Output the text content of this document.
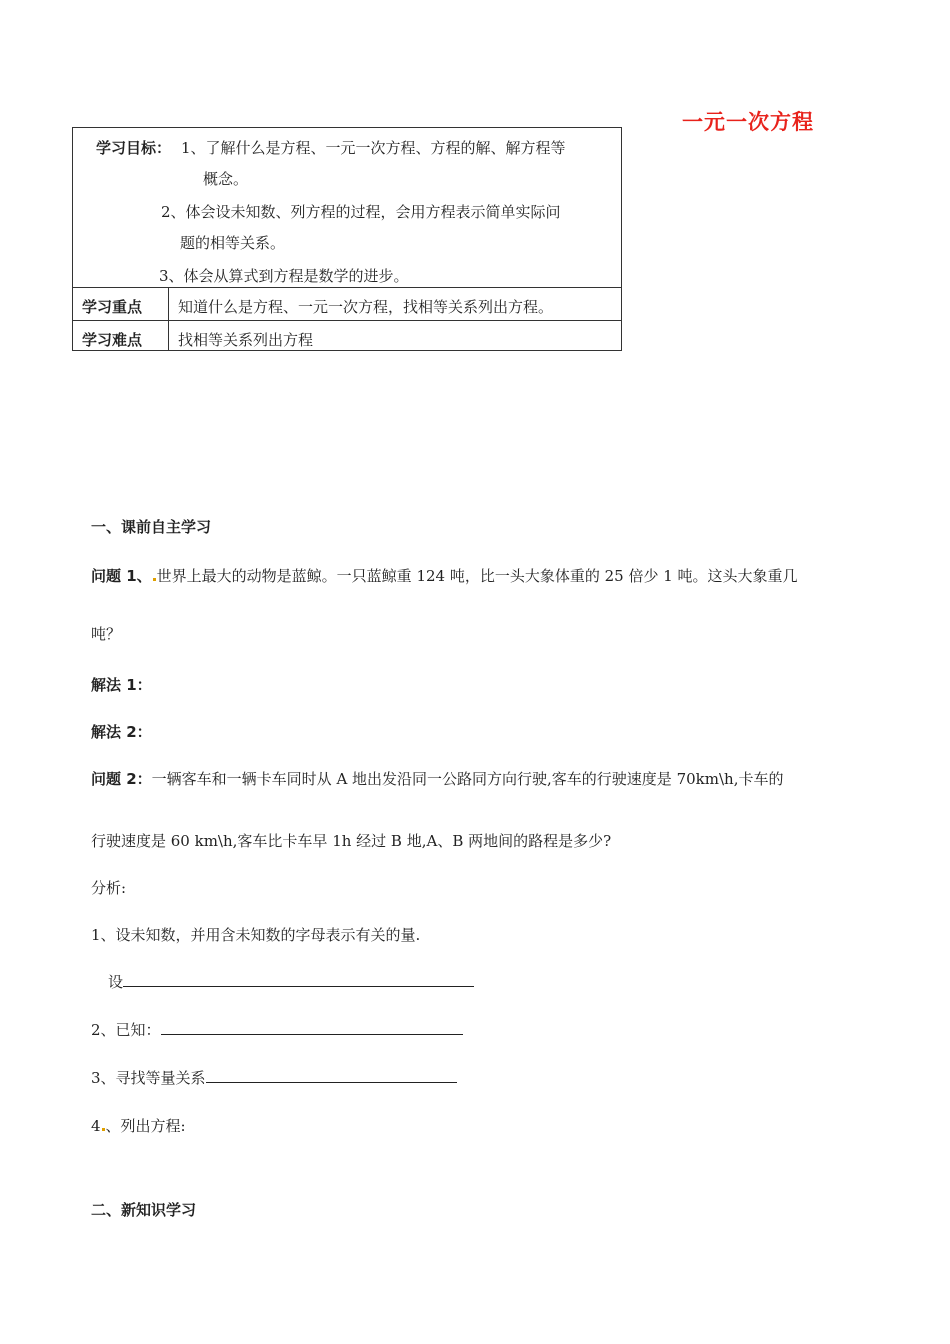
一元一次方程
学习目标： 1、了解什么是方程、一元一次方程、方程的解、解方程等
概念。
2、体会设未知数、列方程的过程，会用方程表示简单实际问
题的相等关系。
3、体会从算式到方程是数学的进步。
学习重点 知道什么是方程、一元一次方程，找相等关系列出方程。
学习难点 找相等关系列出方程
一、课前自主学习
问题 1、 世界上最大的动物是蓝鲸。一只蓝鲸重 124 吨，比一头大象体重的 25 倍少 1 吨。这头大象重几
吨？
解法 1：
解法 2：
问题 2：一辆客车和一辆卡车同时从 A 地出发沿同一公路同方向行驶,客车的行驶速度是 70km\h,卡车的
行驶速度是 60 km\h,客车比卡车早 1h 经过 B 地,A、B 两地间的路程是多少?
分析:
1、设未知数，并用含未知数的字母表示有关的量.
设
2、已知：
3、寻找等量关系
4 、列出方程:
二、新知识学习
